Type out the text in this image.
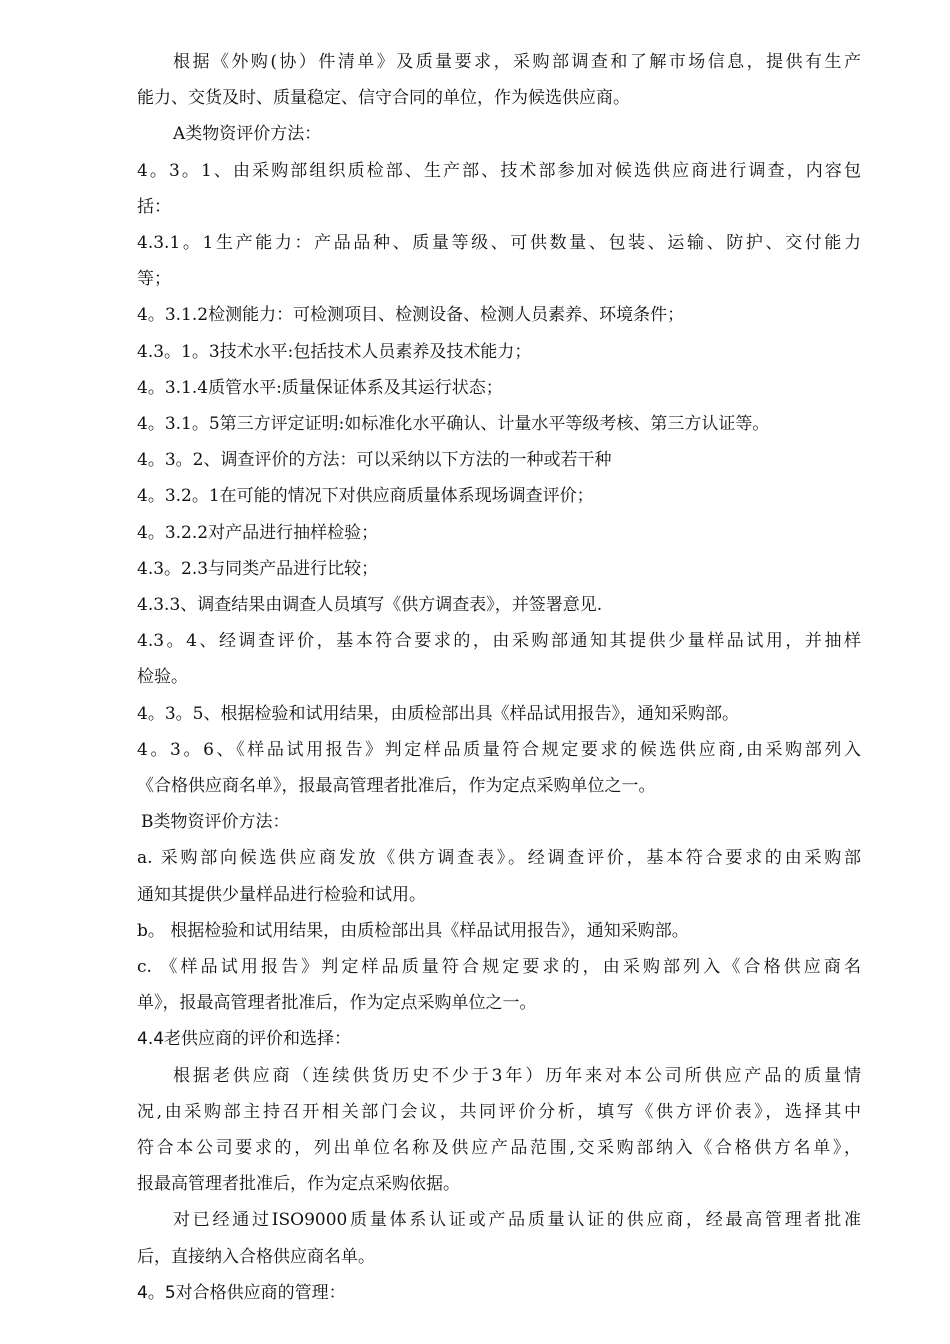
根据《外购(协）件清单》及质量要求，采购部调查和了解市场信息，提供有生产
能力、交货及时、质量稳定、信守合同的单位，作为候选供应商。
A类物资评价方法：
4。3。1、由采购部组织质检部、生产部、技术部参加对候选供应商进行调查，内容包
括：
4.3.1。1生产能力：产品品种、质量等级、可供数量、包装、运输、防护、交付能力
等；
4。3.1.2检测能力：可检测项目、检测设备、检测人员素养、环境条件；
4.3。1。3技术水平:包括技术人员素养及技术能力；
4。3.1.4质管水平:质量保证体系及其运行状态；
4。3.1。5第三方评定证明:如标准化水平确认、计量水平等级考核、第三方认证等。
4。3。2、调查评价的方法：可以采纳以下方法的一种或若干种
4。3.2。1在可能的情况下对供应商质量体系现场调查评价；
4。3.2.2对产品进行抽样检验；
4.3。2.3与同类产品进行比较；
4.3.3、调查结果由调查人员填写《供方调查表》，并签署意见.
4.3。4、经调查评价，基本符合要求的，由采购部通知其提供少量样品试用，并抽样
检验。
4。3。5、根据检验和试用结果，由质检部出具《样品试用报告》，通知采购部。
4。3。6、《样品试用报告》判定样品质量符合规定要求的候选供应商,由采购部列入
《合格供应商名单》，报最高管理者批准后，作为定点采购单位之一。
B类物资评价方法：
a. 采购部向候选供应商发放《供方调查表》。经调查评价，基本符合要求的由采购部
通知其提供少量样品进行检验和试用。
b。 根据检验和试用结果，由质检部出具《样品试用报告》，通知采购部。
c. 《样品试用报告》判定样品质量符合规定要求的，由采购部列入《合格供应商名
单》，报最高管理者批准后，作为定点采购单位之一。
4.4老供应商的评价和选择：
根据老供应商（连续供货历史不少于3年）历年来对本公司所供应产品的质量情
况,由采购部主持召开相关部门会议，共同评价分析，填写《供方评价表》，选择其中
符合本公司要求的，列出单位名称及供应产品范围,交采购部纳入《合格供方名单》，
报最高管理者批准后，作为定点采购依据。
对已经通过ISO9000质量体系认证或产品质量认证的供应商，经最高管理者批准
后，直接纳入合格供应商名单。
4。5对合格供应商的管理：
